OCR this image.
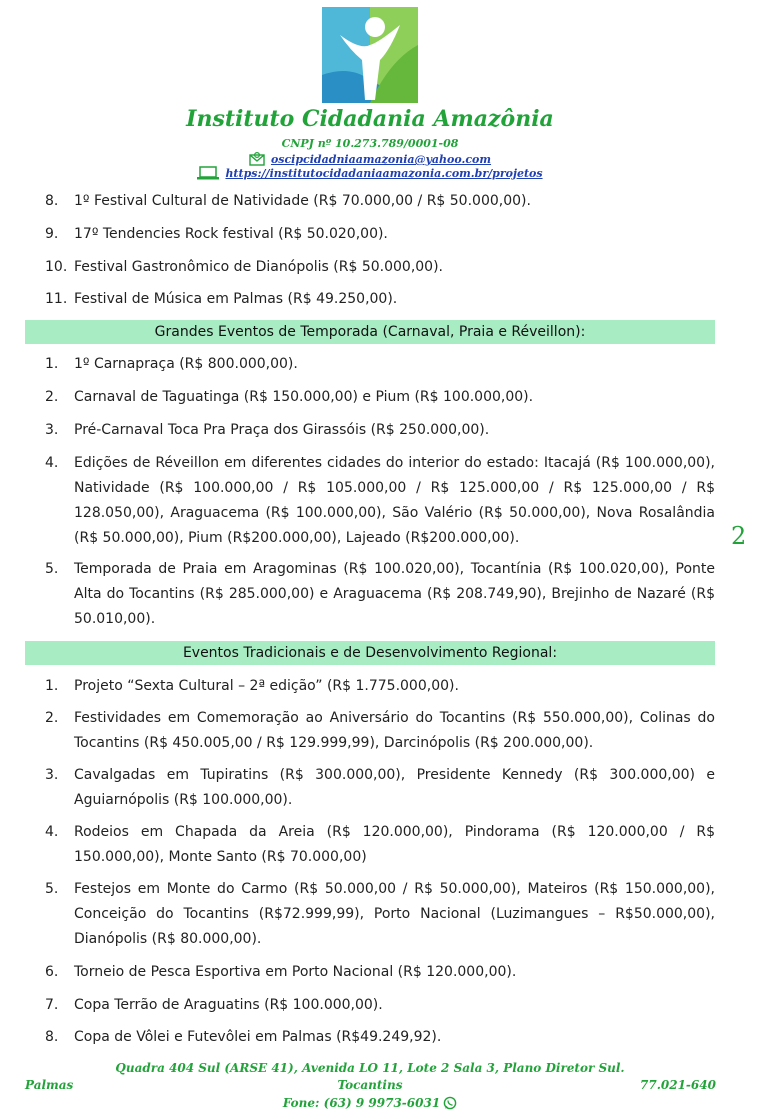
Instituto Cidadania Amazônia
CNPJ nº 10.273.789/0001-08
oscipcidadniaamazonia@yahoo.com
https://institutocidadaniaamazonia.com.br/projetos
8.	1º Festival Cultural de Natividade (R$ 70.000,00 / R$ 50.000,00).
9.	17º Tendencies Rock festival (R$ 50.020,00).
10. Festival Gastronômico de Dianópolis (R$ 50.000,00).
11. Festival de Música em Palmas (R$ 49.250,00).
Grandes Eventos de Temporada (Carnaval, Praia e Réveillon):
1.	1º Carnapraça (R$ 800.000,00).
2.	Carnaval de Taguatinga (R$ 150.000,00) e Pium (R$ 100.000,00).
3.	Pré-Carnaval Toca Pra Praça dos Girassóis (R$ 250.000,00).
4.	Edições de Réveillon em diferentes cidades do interior do estado: Itacajá (R$ 100.000,00), Natividade (R$ 100.000,00 / R$ 105.000,00 / R$ 125.000,00 / R$ 125.000,00 / R$ 128.050,00), Araguacema (R$ 100.000,00), São Valério (R$ 50.000,00), Nova Rosalândia (R$ 50.000,00), Pium (R$200.000,00), Lajeado (R$200.000,00).
5.	Temporada de Praia em Aragominas (R$ 100.020,00), Tocantínia (R$ 100.020,00), Ponte Alta do Tocantins (R$ 285.000,00) e Araguacema (R$ 208.749,90), Brejinho de Nazaré (R$ 50.010,00).
2
Eventos Tradicionais e de Desenvolvimento Regional:
1.	Projeto “Sexta Cultural – 2ª edição” (R$ 1.775.000,00).
2.	Festividades em Comemoração ao Aniversário do Tocantins (R$ 550.000,00), Colinas do Tocantins (R$ 450.005,00 / R$ 129.999,99), Darcinópolis (R$ 200.000,00).
3.	Cavalgadas em Tupiratins (R$ 300.000,00), Presidente Kennedy (R$ 300.000,00) e Aguiarnópolis (R$ 100.000,00).
4.	Rodeios em Chapada da Areia (R$ 120.000,00), Pindorama (R$ 120.000,00 / R$ 150.000,00), Monte Santo (R$ 70.000,00)
5.	Festejos em Monte do Carmo (R$ 50.000,00 / R$ 50.000,00), Mateiros (R$ 150.000,00), Conceição do Tocantins (R$72.999,99), Porto Nacional (Luzimangues – R$50.000,00), Dianópolis (R$ 80.000,00).
6.	Torneio de Pesca Esportiva em Porto Nacional (R$ 120.000,00).
7.	Copa Terrão de Araguatins (R$ 100.000,00).
8.	Copa de Vôlei e Futevôlei em Palmas (R$49.249,92).
Quadra 404 Sul (ARSE 41), Avenida LO 11, Lote 2 Sala 3, Plano Diretor Sul.
Palmas	Tocantins	77.021-640
Fone: (63) 9 9973-6031
